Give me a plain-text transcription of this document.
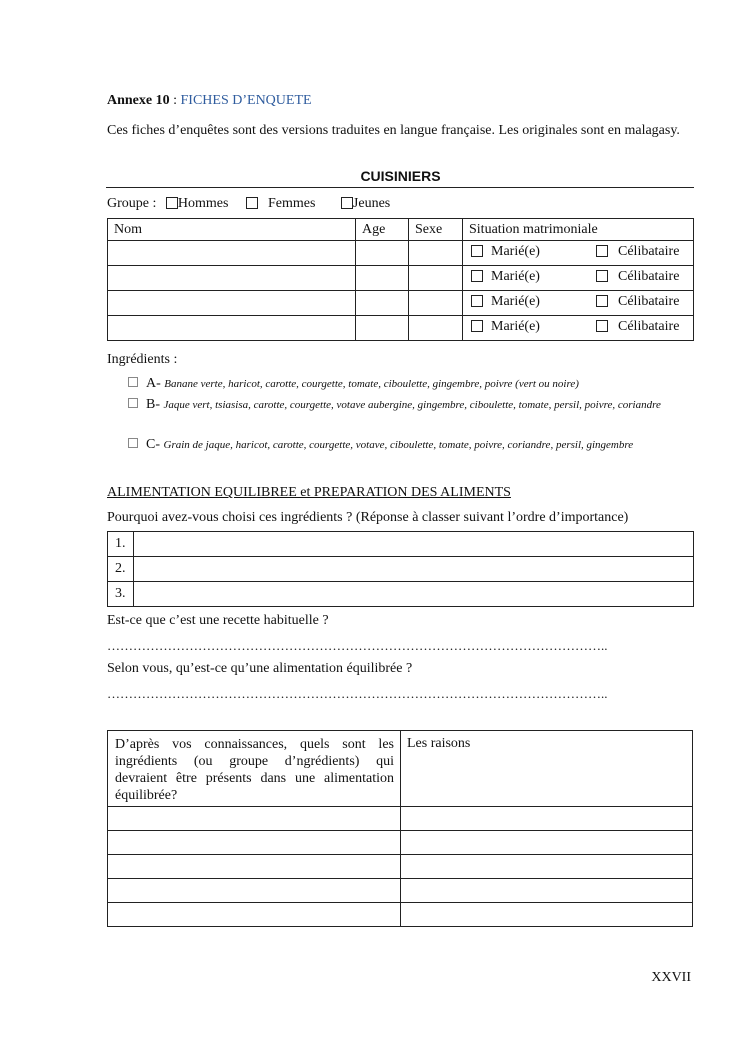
Annexe 10 : FICHES D’ENQUETE
Ces fiches d’enquêtes sont des versions traduites en langue française. Les originales sont en malagasy.
CUISINIERS
Groupe : Hommes	Femmes	Jeunes
Nom	Age	Sexe	Situation matrimoniale

			Marié(e) Célibataire

			Marié(e) Célibataire

			Marié(e) Célibataire

			Marié(e) Célibataire
Ingrédients :
A- Banane verte, haricot, carotte, courgette, tomate, ciboulette, gingembre, poivre (vert ou noire)
B- Jaque vert, tsiasisa, carotte, courgette, votave aubergine, gingembre, ciboulette, tomate, persil, poivre, coriandre
C- Grain de jaque, haricot, carotte, courgette, votave, ciboulette, tomate, poivre, coriandre, persil, gingembre
ALIMENTATION EQUILIBREE et PREPARATION DES ALIMENTS
Pourquoi avez-vous choisi ces ingrédients ? (Réponse à classer suivant l’ordre d’importance)
1.	
2.	
3.	
Est-ce que c’est une recette habituelle ?
……………………………………………………………………………………………………..
Selon vous, qu’est-ce qu’une alimentation équilibrée ?
……………………………………………………………………………………………………..
D’après vos connaissances, quels sont les ingrédients (ou groupe d’ngrédients) qui devraient être présents dans une alimentation équilibrée?	Les raisons

XXVII
